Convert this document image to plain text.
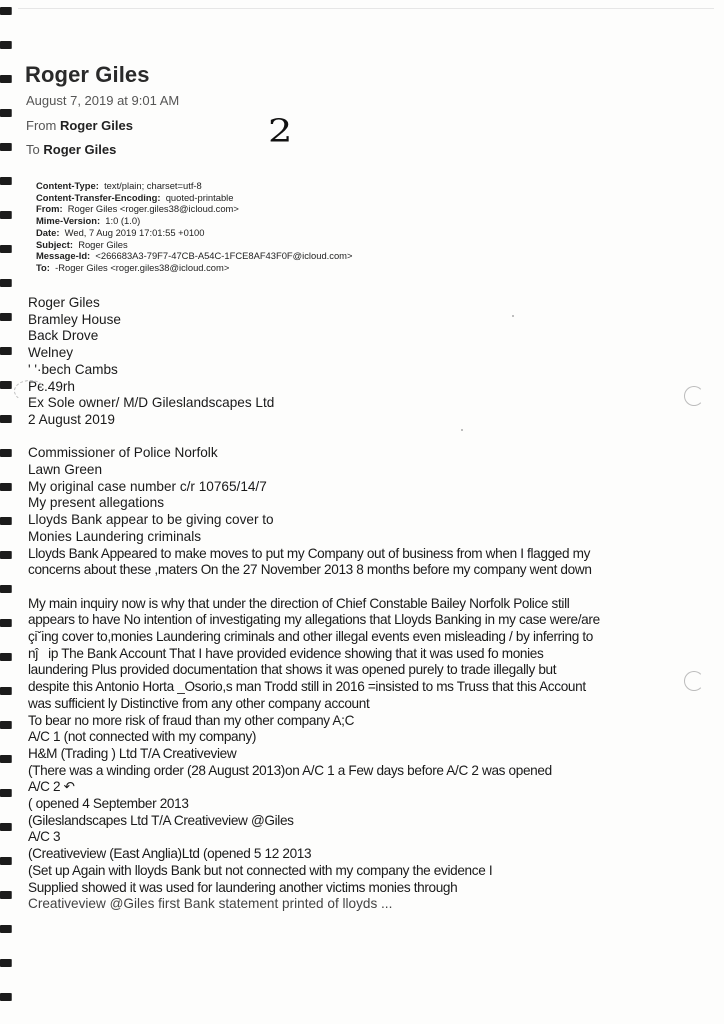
Roger Giles
August 7, 2019 at 9:01 AM
From Roger Giles
To Roger Giles	2
Content-Type: text/plain; charset=utf-8
Content-Transfer-Encoding: quoted-printable
From: Roger Giles <roger.giles38@icloud.com>
Mime-Version: 1:0 (1.0)
Date: Wed, 7 Aug 2019 17:01:55 +0100
Subject: Roger Giles
Message-Id: <266683A3-79F7-47CB-A54C-1FCE8AF43F0F@icloud.com>
To: -Roger Giles <roger.giles38@icloud.com>
Roger Giles
Bramley House
Back Drove
Welney
' '·bech Cambs
Pє.49rh
Ex Sole owner/ M/D Gileslandscapes Ltd
2 August 2019
Commissioner of Police Norfolk
Lawn Green
My original case number c/r 10765/14/7
My present allegations
Lloyds Bank appear to be giving cover to
Monies Laundering criminals
Lloyds Bank Appeared to make moves to put my Company out of business from when I flagged my
concerns about these ,maters On the 27 November 2013 8 months before my company went down
My main inquiry now is why that under the direction of Chief Constable Bailey Norfolk Police still
appears to have No intention of investigating my allegations that Lloyds Banking in my case were/are
çiˇing cover to,monies Laundering criminals and other illegal events even misleading / by inferring to
nĵ   ip The Bank Account That I have provided evidence showing that it was used fo monies
laundering Plus provided documentation that shows it was opened purely to trade illegally but
despite this Antonio Horta _Osorio,s man Trodd still in 2016 =insisted to ms Truss that this Account
was sufficient ly Distinctive from any other company account
To bear no more risk of fraud than my other company A;C
A/C 1 (not connected with my company)
H&M (Trading ) Ltd T/A Creativeview
(There was a winding order (28 August 2013)on A/C 1 a Few days before A/C 2 was opened
A/C 2 ↶
( opened 4 September 2013
(Gileslandscapes Ltd T/A Creativeview @Giles
A/C 3
(Creativeview (East Anglia)Ltd (opened 5 12 2013
(Set up Again with lloyds Bank but not connected with my company the evidence I
Supplied showed it was used for laundering another victims monies through
Creativeview @Giles first Bank statement printed of lloyds ...
